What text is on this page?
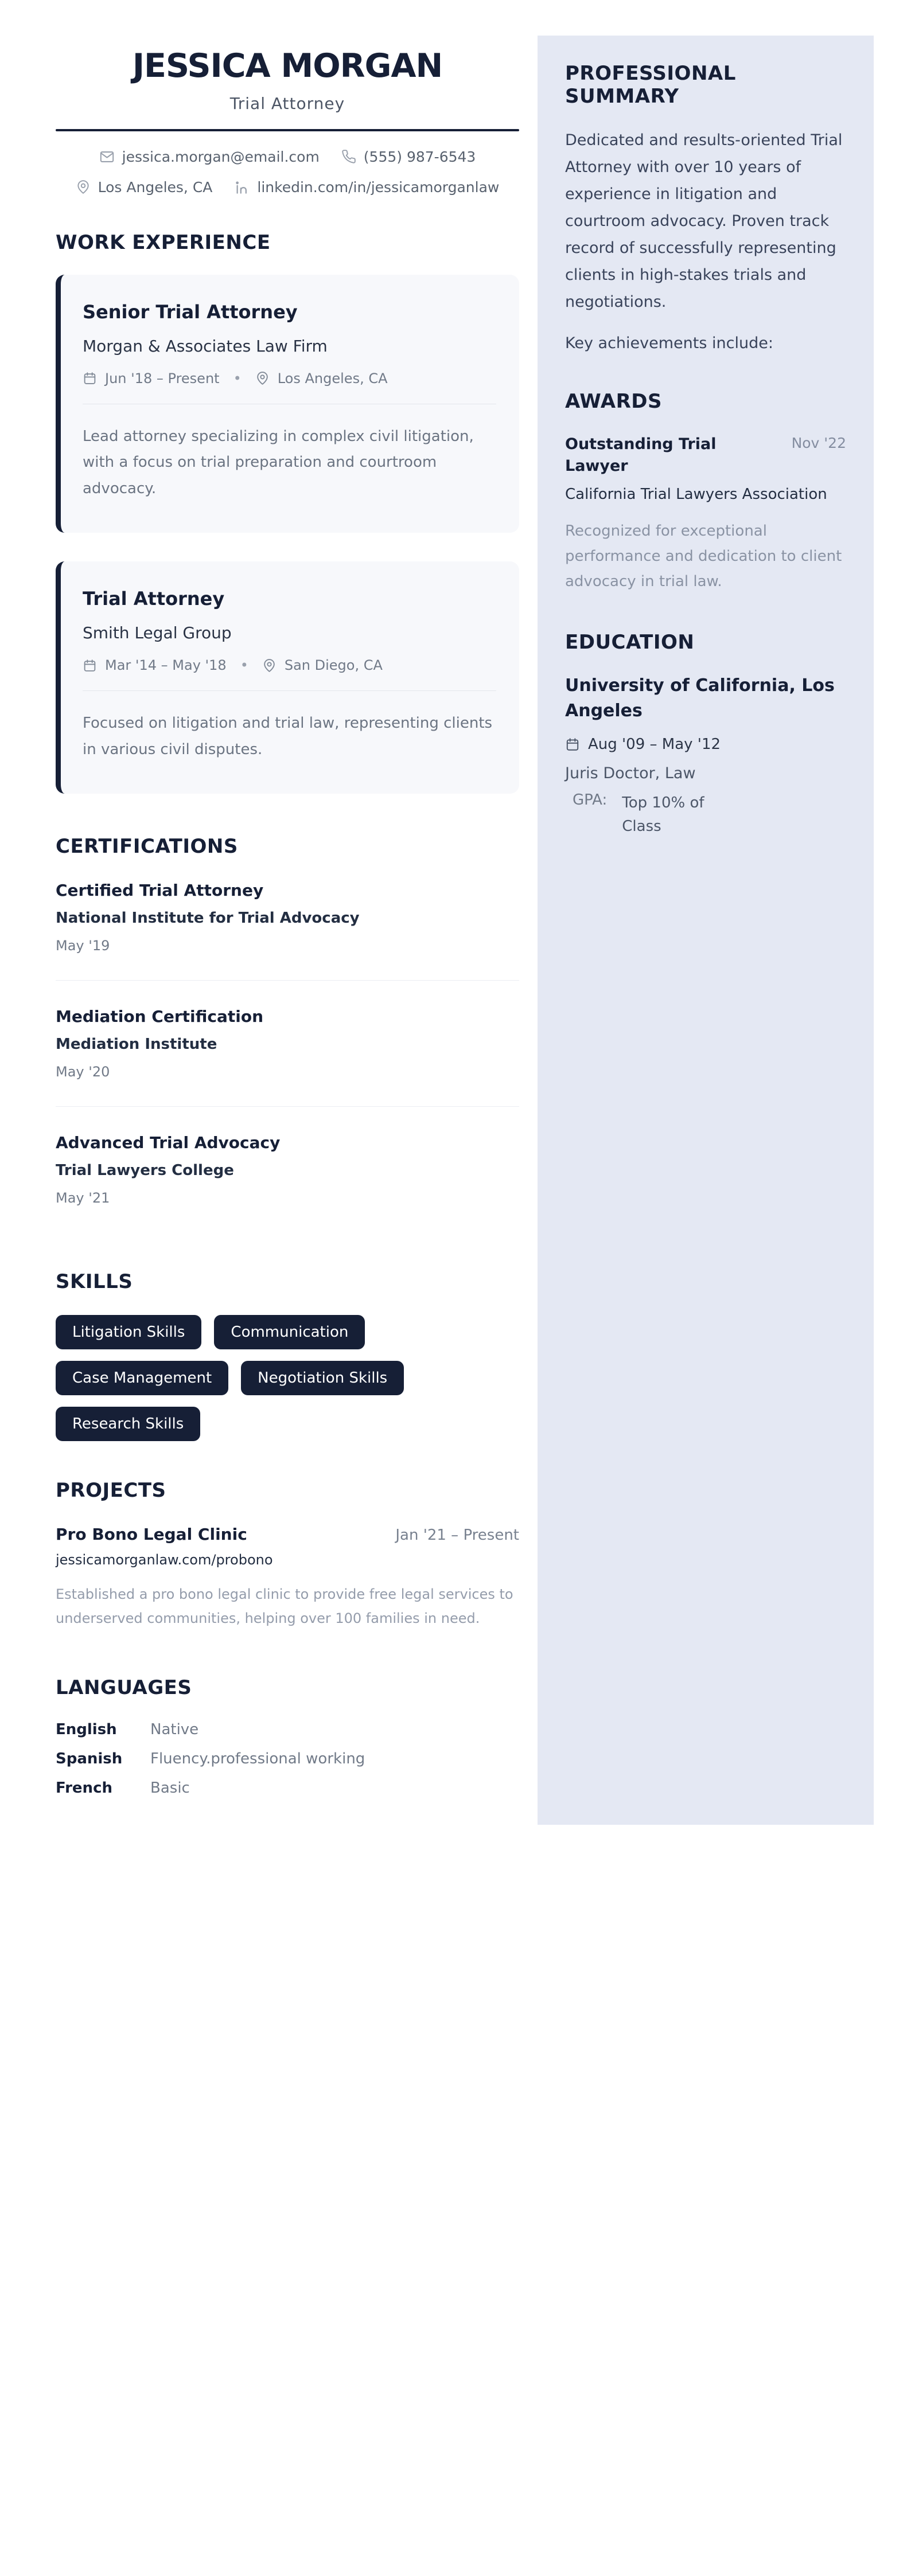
JESSICA MORGAN
Trial Attorney
jessica.morgan@email.com	(555) 987-6543
Los Angeles, CA	linkedin.com/in/jessicamorganlaw
WORK EXPERIENCE
Senior Trial Attorney
Morgan & Associates Law Firm
Jun '18 – Present •	Los Angeles, CA
Lead attorney specializing in complex civil litigation, with a focus on trial preparation and courtroom advocacy.
Trial Attorney
Smith Legal Group
Mar '14 – May '18 •	San Diego, CA
Focused on litigation and trial law, representing clients in various civil disputes.
CERTIFICATIONS
Certified Trial Attorney
National Institute for Trial Advocacy
May '19
Mediation Certification
Mediation Institute
May '20
Advanced Trial Advocacy
Trial Lawyers College
May '21
SKILLS
Litigation Skills	Communication
Case Management	Negotiation Skills
Research Skills
PROJECTS
Pro Bono Legal Clinic	Jan '21 – Present
jessicamorganlaw.com/probono
Established a pro bono legal clinic to provide free legal services to underserved communities, helping over 100 families in need.
LANGUAGES
English	Native
Spanish	Fluency.professional working
French	Basic
PROFESSIONAL SUMMARY
Dedicated and results-oriented Trial Attorney with over 10 years of experience in litigation and courtroom advocacy. Proven track record of successfully representing clients in high-stakes trials and negotiations.
Key achievements include:
AWARDS
Outstanding Trial Lawyer
Nov '22
California Trial Lawyers Association
Recognized for exceptional performance and dedication to client advocacy in trial law.
EDUCATION
University of California, Los Angeles
Aug '09 – May '12
Juris Doctor, Law
GPA: Top 10% of Class
